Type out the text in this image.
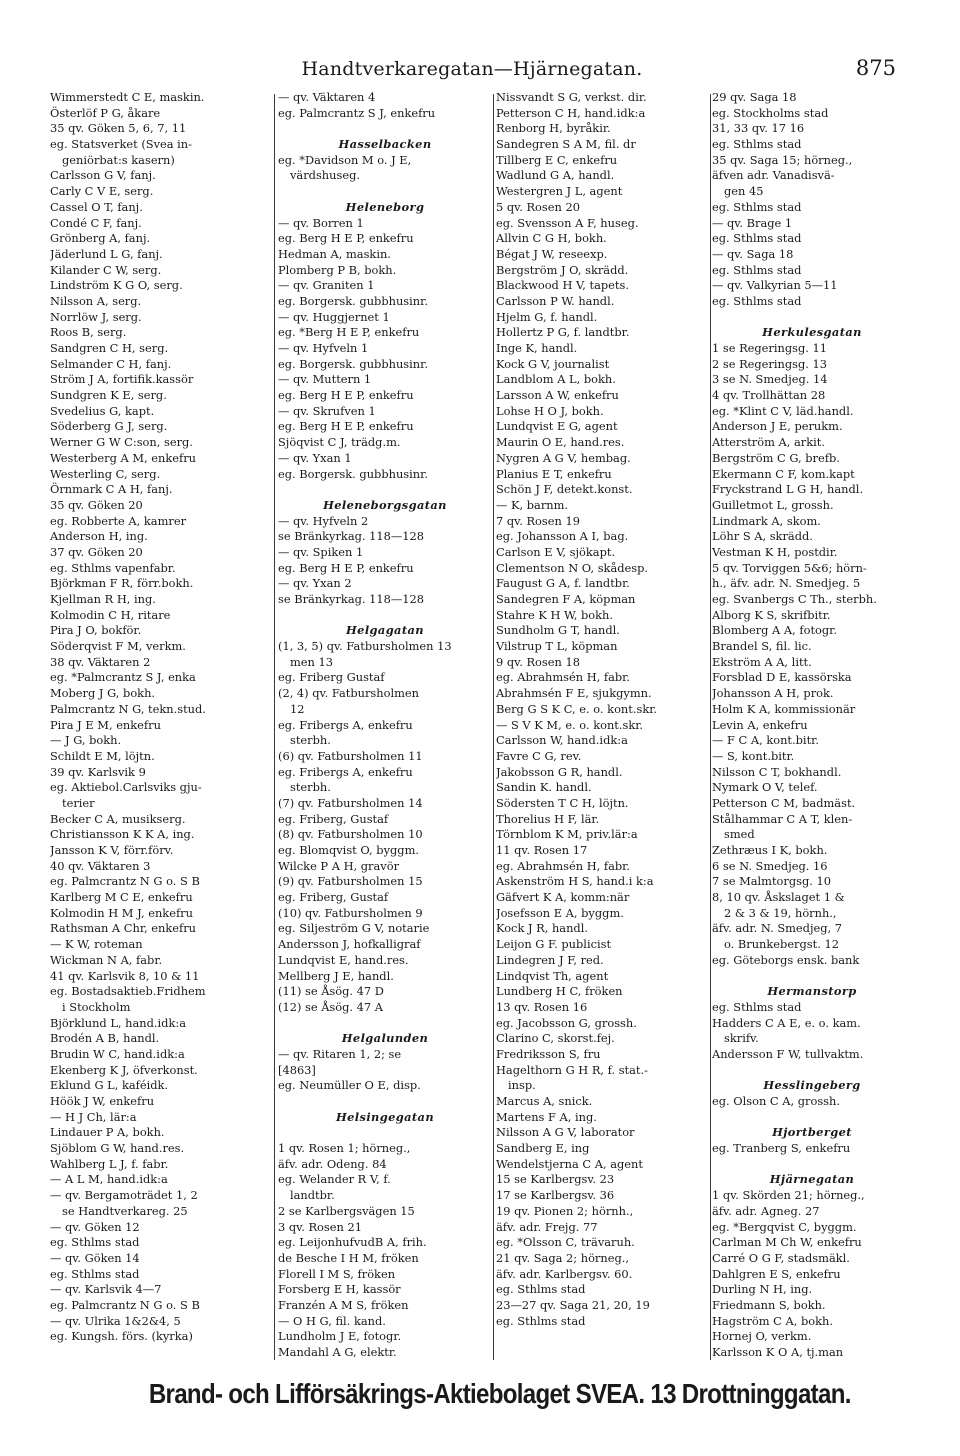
Handtverkaregatan—Hjärnegatan.	875
Wimmerstedt C E, maskin.
Österlöf P G, åkare
35 qv. Göken 5, 6, 7, 11
eg. Statsverket (Svea in-
geniörbat:s kasern)
Carlsson G V, fanj.
Carly C V E, serg.
Cassel O T, fanj.
Condé C F, fanj.
Grönberg A, fanj.
Jäderlund L G, fanj.
Kilander C W, serg.
Lindström K G O, serg.
Nilsson A, serg.
Norrlöw J, serg.
Roos B, serg.
Sandgren C H, serg.
Selmander C H, fanj.
Ström J A, fortifik.kassör
Sundgren K E, serg.
Svedelius G, kapt.
Söderberg G J, serg.
Werner G W C:son, serg.
Westerberg A M, enkefru
Westerling C, serg.
Örnmark C A H, fanj.
35 qv. Göken 20
eg. Robberte A, kamrer
Anderson H, ing.
37 qv. Göken 20
eg. Sthlms vapenfabr.
Björkman F R, förr.bokh.
Kjellman R H, ing.
Kolmodin C H, ritare
Pira J O, bokför.
Söderqvist F M, verkm.
38 qv. Väktaren 2
eg. *Palmcrantz S J, enka
Moberg J G, bokh.
Palmcrantz N G, tekn.stud.
Pira J E M, enkefru
— J G, bokh.
Schildt E M, löjtn.
39 qv. Karlsvik 9
eg. Aktiebol.Carlsviks gju-
terier
Becker C A, musikserg.
Christiansson K K A, ing.
Jansson K V, förr.förv.
40 qv. Väktaren 3
eg. Palmcrantz N G o. S B
Karlberg M C E, enkefru
Kolmodin H M J, enkefru
Rathsman A Chr, enkefru
— K W, roteman
Wickman N A, fabr.
41 qv. Karlsvik 8, 10 & 11
eg. Bostadsaktieb.Fridhem
i Stockholm
Björklund L, hand.idk:a
Brodén A B, handl.
Brudin W C, hand.idk:a
Ekenberg K J, öfverkonst.
Eklund G L, kaféidk.
Höök J W, enkefru
— H J Ch, lär:a
Lindauer P A, bokh.
Sjöblom G W, hand.res.
Wahlberg L J, f. fabr.
— A L M, hand.idk:a
— qv. Bergamoträdet 1, 2
se Handtverkareg. 25
— qv. Göken 12
eg. Sthlms stad
— qv. Göken 14
eg. Sthlms stad
— qv. Karlsvik 4—7
eg. Palmcrantz N G o. S B
— qv. Ulrika 1&2&4, 5
eg. Kungsh. förs. (kyrka)
— qv. Väktaren 4
eg. Palmcrantz S J, enkefru
Hasselbacken
eg. *Davidson M o. J E,
värdshuseg.
Heleneborg
— qv. Borren 1
eg. Berg H E P, enkefru
Hedman A, maskin.
Plomberg P B, bokh.
— qv. Graniten 1
eg. Borgersk. gubbhusinr.
— qv. Huggjernet 1
eg. *Berg H E P, enkefru
— qv. Hyfveln 1
eg. Borgersk. gubbhusinr.
— qv. Muttern 1
eg. Berg H E P, enkefru
— qv. Skrufven 1
eg. Berg H E P, enkefru
Sjöqvist C J, trädg.m.
— qv. Yxan 1
eg. Borgersk. gubbhusinr.
Heleneborgsgatan
— qv. Hyfveln 2
se Bränkyrkag. 118—128
— qv. Spiken 1
eg. Berg H E P, enkefru
— qv. Yxan 2
se Bränkyrkag. 118—128
Helgagatan
(1, 3, 5) qv. Fatbursholmen 13
men 13
eg. Friberg Gustaf
(2, 4) qv. Fatbursholmen
12
eg. Fribergs A, enkefru
sterbh.
(6) qv. Fatbursholmen 11
eg. Fribergs A, enkefru
sterbh.
(7) qv. Fatbursholmen 14
eg. Friberg, Gustaf
(8) qv. Fatbursholmen 10
eg. Blomqvist O, byggm.
Wilcke P A H, gravör
(9) qv. Fatbursholmen 15
eg. Friberg, Gustaf
(10) qv. Fatbursholmen 9
eg. Siljeström G V, notarie
Andersson J, hofkalligraf
Lundqvist E, hand.res.
Mellberg J E, handl.
(11) se Åsög. 47 D
(12) se Åsög. 47 A
Helgalunden
— qv. Ritaren 1, 2; se
[4863]
eg. Neumüller O E, disp.
Helsingegatan
1 qv. Rosen 1; hörneg.,
äfv. adr. Odeng. 84
eg. Welander R V, f.
landtbr.
2 se Karlbergsvägen 15
3 qv. Rosen 21
eg. LeijonhufvudB A, frih.
de Besche I H M, fröken
Florell I M S, fröken
Forsberg E H, kassör
Franzén A M S, fröken
— O H G, fil. kand.
Lundholm J E, fotogr.
Mandahl A G, elektr.
Nissvandt S G, verkst. dir.
Petterson C H, hand.idk:a
Renborg H, byråkir.
Sandegren S A M, fil. dr
Tillberg E C, enkefru
Wadlund G A, handl.
Westergren J L, agent
5 qv. Rosen 20
eg. Svensson A F, huseg.
Allvin C G H, bokh.
Bégat J W, reseexp.
Bergström J O, skrädd.
Blackwood H V, tapets.
Carlsson P W. handl.
Hjelm G, f. handl.
Hollertz P G, f. landtbr.
Inge K, handl.
Kock G V, journalist
Landblom A L, bokh.
Larsson A W, enkefru
Lohse H O J, bokh.
Lundqvist E G, agent
Maurin O E, hand.res.
Nygren A G V, hembag.
Planius E T, enkefru
Schön J F, detekt.konst.
— K, barnm.
7 qv. Rosen 19
eg. Johansson A I, bag.
Carlson E V, sjökapt.
Clementson N O, skådesp.
Faugust G A, f. landtbr.
Sandegren F A, köpman
Stahre K H W, bokh.
Sundholm G T, handl.
Vilstrup T L, köpman
9 qv. Rosen 18
eg. Abrahmsén H, fabr.
Abrahmsén F E, sjukgymn.
Berg G S K C, e. o. kont.skr.
— S V K M, e. o. kont.skr.
Carlsson W, hand.idk:a
Favre C G, rev.
Jakobsson G R, handl.
Sandin K. handl.
Södersten T C H, löjtn.
Thorelius H F, lär.
Törnblom K M, priv.lär:a
11 qv. Rosen 17
eg. Abrahmsén H, fabr.
Askenström H S, hand.i k:a
Gäfvert K A, komm:när
Josefsson E A, byggm.
Kock J R, handl.
Leijon G F. publicist
Lindegren J F, red.
Lindqvist Th, agent
Lundberg H C, fröken
13 qv. Rosen 16
eg. Jacobsson G, grossh.
Clarino C, skorst.fej.
Fredriksson S, fru
Hagelthorn G H R, f. stat.-
insp.
Marcus A, snick.
Martens F A, ing.
Nilsson A G V, laborator
Sandberg E, ing
Wendelstjerna C A, agent
15 se Karlbergsv. 23
17 se Karlbergsv. 36
19 qv. Pionen 2; hörnh.,
äfv. adr. Frejg. 77
eg. *Olsson C, trävaruh.
21 qv. Saga 2; hörneg.,
äfv. adr. Karlbergsv. 60.
eg. Sthlms stad
23—27 qv. Saga 21, 20, 19
eg. Sthlms stad
29 qv. Saga 18
eg. Stockholms stad
31, 33 qv. 17 16
eg. Sthlms stad
35 qv. Saga 15; hörneg.,
äfven adr. Vanadisvä-
gen 45
eg. Sthlms stad
— qv. Brage 1
eg. Sthlms stad
— qv. Saga 18
eg. Sthlms stad
— qv. Valkyrian 5—11
eg. Sthlms stad
Herkulesgatan
1 se Regeringsg. 11
2 se Regeringsg. 13
3 se N. Smedjeg. 14
4 qv. Trollhättan 28
eg. *Klint C V, läd.handl.
Anderson J E, perukm.
Atterström A, arkit.
Bergström C G, brefb.
Ekermann C F, kom.kapt
Fryckstrand L G H, handl.
Guilletmot L, grossh.
Lindmark A, skom.
Löhr S A, skrädd.
Vestman K H, postdir.
5 qv. Torviggen 5&6; hörn-
h., äfv. adr. N. Smedjeg. 5
eg. Svanbergs C Th., sterbh.
Alborg K S, skrifbitr.
Blomberg A A, fotogr.
Brandel S, fil. lic.
Ekström A A, litt.
Forsblad D E, kassörska
Johansson A H, prok.
Holm K A, kommissionär
Levin A, enkefru
— F C A, kont.bitr.
— S, kont.bitr.
Nilsson C T, bokhandl.
Nymark O V, telef.
Petterson C M, badmäst.
Stålhammar C A T, klen-
smed
Zethræus I K, bokh.
6 se N. Smedjeg. 16
7 se Malmtorgsg. 10
8, 10 qv. Åskslaget 1 &
2 & 3 & 19, hörnh.,
äfv. adr. N. Smedjeg, 7
o. Brunkebergst. 12
eg. Göteborgs ensk. bank
Hermanstorp
eg. Sthlms stad
Hadders C A E, e. o. kam.
skrifv.
Andersson F W, tullvaktm.
Hesslingeberg
eg. Olson C A, grossh.
Hjortberget
eg. Tranberg S, enkefru
Hjärnegatan
1 qv. Skörden 21; hörneg.,
äfv. adr. Agneg. 27
eg. *Bergqvist C, byggm.
Carlman M Ch W, enkefru
Carré O G F, stadsmäkl.
Dahlgren E S, enkefru
Durling N H, ing.
Friedmann S, bokh.
Hagström C A, bokh.
Hornej O, verkm.
Karlsson K O A, tj.man
Brand- och Lifförsäkrings-Aktiebolaget SVEA. 13 Drottninggatan.
